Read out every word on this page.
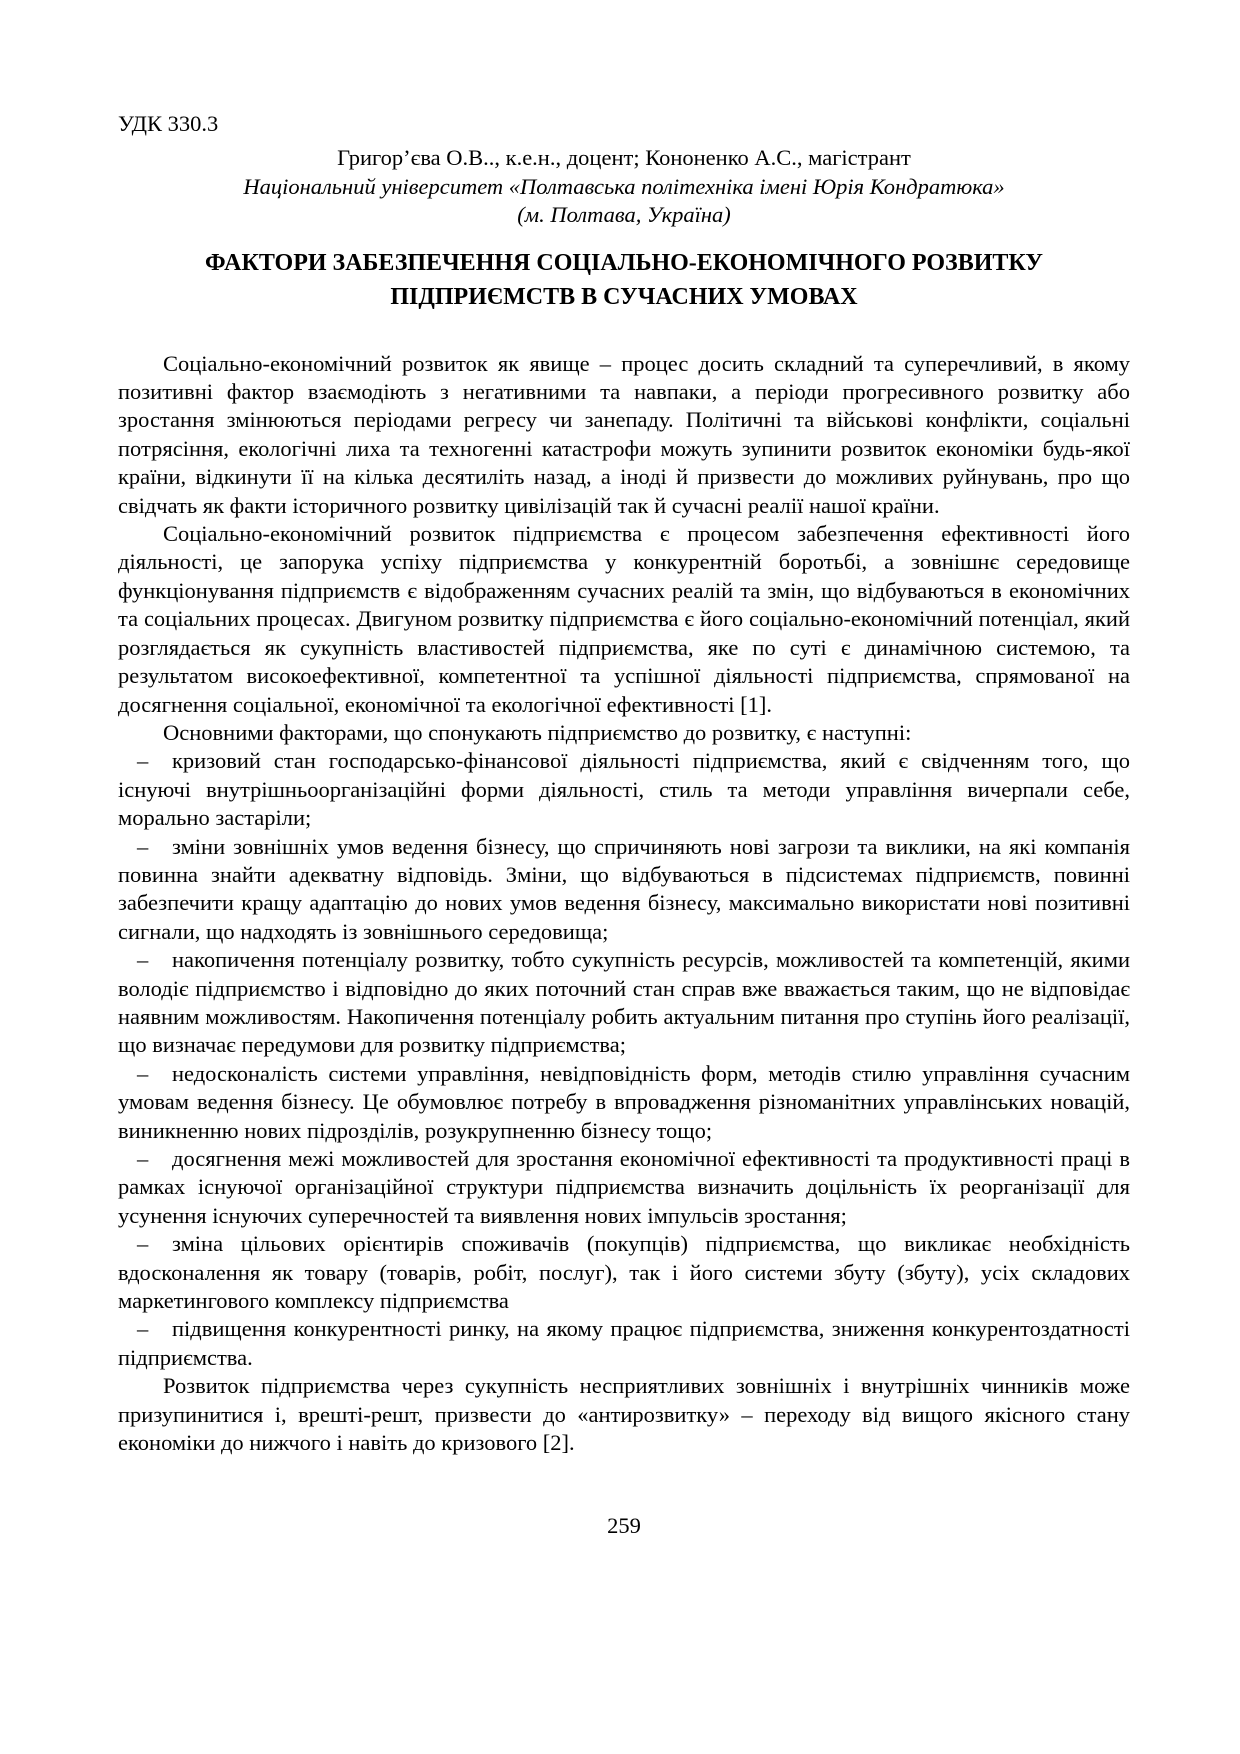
УДК 330.3
Григор’єва О.В.., к.е.н., доцент; Кононенко А.С., магістрант
Національний університет «Полтавська політехніка імені Юрія Кондратюка»
(м. Полтава, Україна)
ФАКТОРИ ЗАБЕЗПЕЧЕННЯ СОЦІАЛЬНО-ЕКОНОМІЧНОГО РОЗВИТКУ ПІДПРИЄМСТВ В СУЧАСНИХ УМОВАХ

Соціально-економічний розвиток як явище – процес досить складний та суперечливий, в якому позитивні фактор взаємодіють з негативними та навпаки, а періоди прогресивного розвитку або зростання змінюються періодами регресу чи занепаду. Політичні та військові конфлікти, соціальні потрясіння, екологічні лиха та техногенні катастрофи можуть зупинити розвиток економіки будь-якої країни, відкинути її на кілька десятиліть назад, а іноді й призвести до можливих руйнувань, про що свідчать як факти історичного розвитку цивілізацій так й сучасні реалії нашої країни.

Соціально-економічний розвиток підприємства є процесом забезпечення ефективності його діяльності, це запорука успіху підприємства у конкурентній боротьбі, а зовнішнє середовище функціонування підприємств є відображенням сучасних реалій та змін, що відбуваються в економічних та соціальних процесах. Двигуном розвитку підприємства є його соціально-економічний потенціал, який розглядається як сукупність властивостей підприємства, яке по суті є динамічною системою, та результатом високоефективної, компетентної та успішної діяльності підприємства, спрямованої на досягнення соціальної, економічної та екологічної ефективності [1].

Основними факторами, що спонукають підприємство до розвитку, є наступні:

– кризовий стан господарсько-фінансової діяльності підприємства, який є свідченням того, що існуючі внутрішньоорганізаційні форми діяльності, стиль та методи управління вичерпали себе, морально застаріли;

– зміни зовнішніх умов ведення бізнесу, що спричиняють нові загрози та виклики, на які компанія повинна знайти адекватну відповідь. Зміни, що відбуваються в підсистемах підприємств, повинні забезпечити кращу адаптацію до нових умов ведення бізнесу, максимально використати нові позитивні сигнали, що надходять із зовнішнього середовища;

– накопичення потенціалу розвитку, тобто сукупність ресурсів, можливостей та компетенцій, якими володіє підприємство і відповідно до яких поточний стан справ вже вважається таким, що не відповідає наявним можливостям. Накопичення потенціалу робить актуальним питання про ступінь його реалізації, що визначає передумови для розвитку підприємства;

– недосконалість системи управління, невідповідність форм, методів стилю управління сучасним умовам ведення бізнесу. Це обумовлює потребу в впровадження різноманітних управлінських новацій, виникненню нових підрозділів, розукрупненню бізнесу тощо;

– досягнення межі можливостей для зростання економічної ефективності та продуктивності праці в рамках існуючої організаційної структури підприємства визначить доцільність їх реорганізації для усунення існуючих суперечностей та виявлення нових імпульсів зростання;

– зміна цільових орієнтирів споживачів (покупців) підприємства, що викликає необхідність вдосконалення як товару (товарів, робіт, послуг), так і його системи збуту (збуту), усіх складових маркетингового комплексу підприємства

– підвищення конкурентності ринку, на якому працює підприємства, зниження конкурентоздатності підприємства.

Розвиток підприємства через сукупність несприятливих зовнішніх і внутрішніх чинників може призупинитися і, врешті-решт, призвести до «антирозвитку» – переходу від вищого якісного стану економіки до нижчого і навіть до кризового [2].

259
